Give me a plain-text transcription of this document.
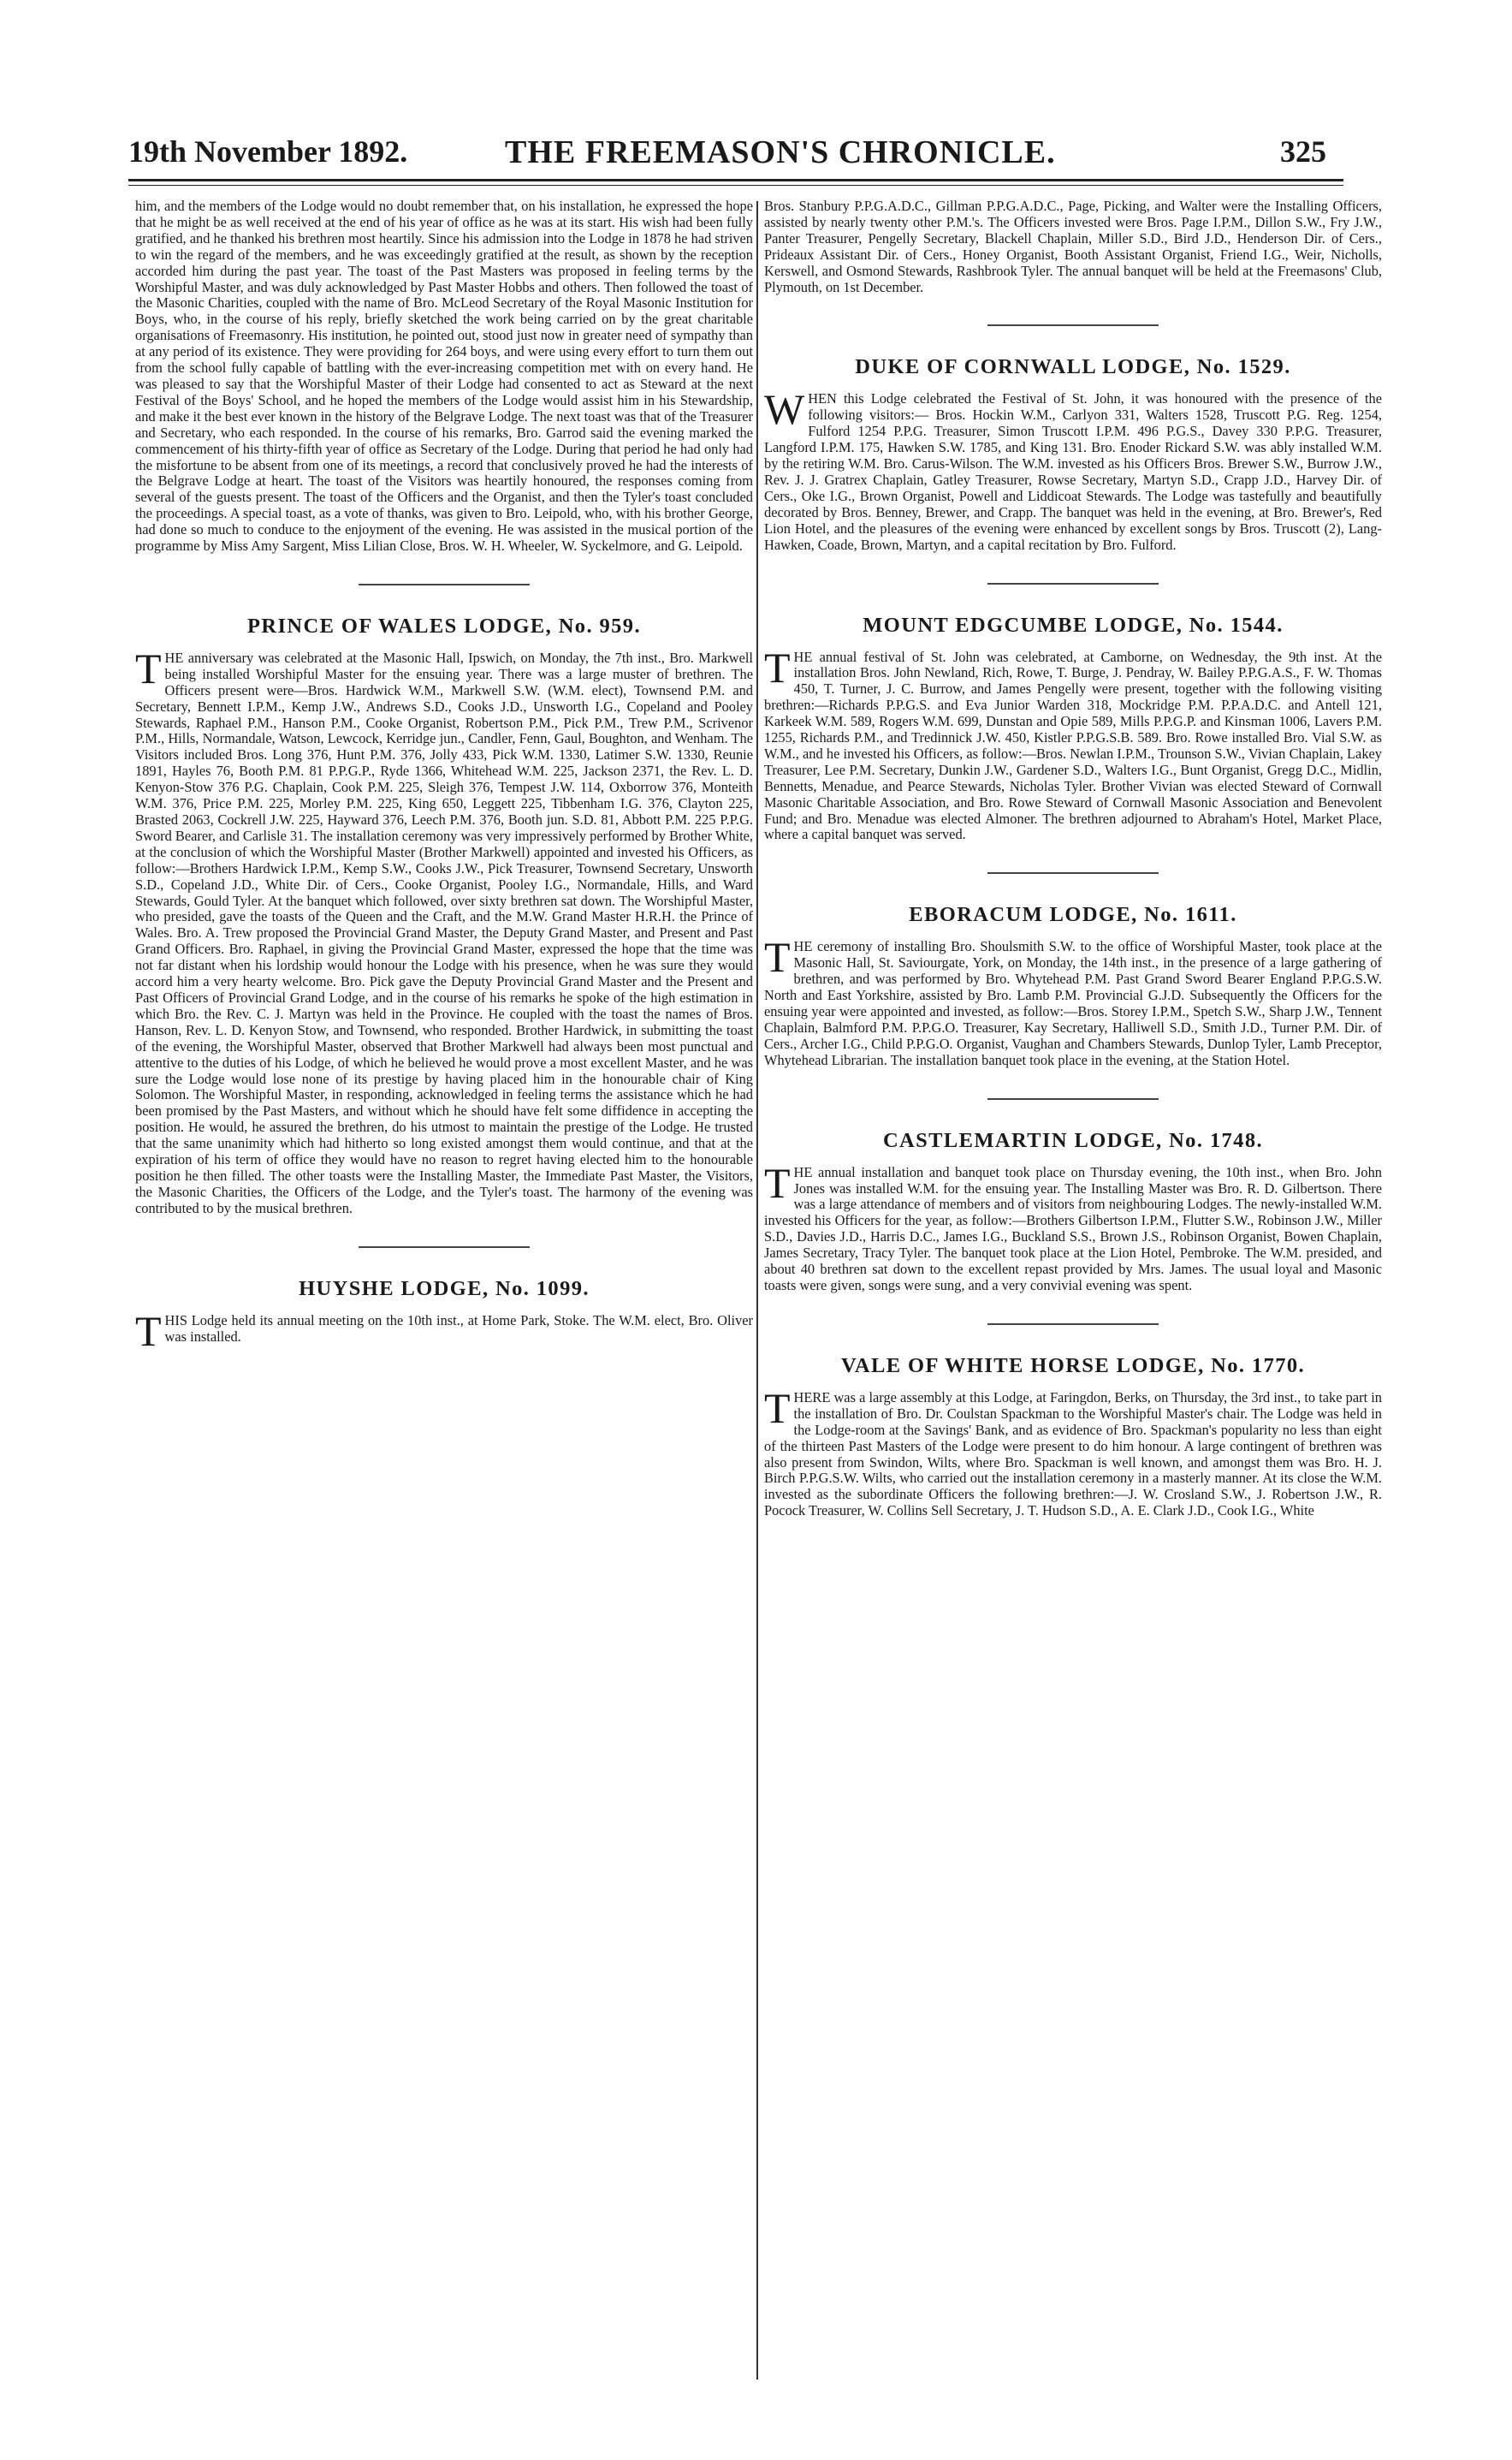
19th November 1892.	THE FREEMASON'S CHRONICLE.	325

him, and the members of the Lodge would no doubt remember that, on his installation, he expressed the hope that he might be as well received at the end of his year of office as he was at its start. His wish had been fully gratified, and he thanked his brethren most heartily. Since his admission into the Lodge in 1878 he had striven to win the regard of the members, and he was exceedingly gratified at the result, as shown by the reception accorded him during the past year. The toast of the Past Masters was proposed in feeling terms by the Worshipful Master, and was duly acknowledged by Past Master Hobbs and others. Then followed the toast of the Masonic Charities, coupled with the name of Bro. McLeod Secretary of the Royal Masonic Institution for Boys, who, in the course of his reply, briefly sketched the work being carried on by the great charitable organisations of Freemasonry. His institution, he pointed out, stood just now in greater need of sympathy than at any period of its existence. They were providing for 264 boys, and were using every effort to turn them out from the school fully capable of battling with the ever-increasing competition met with on every hand. He was pleased to say that the Worshipful Master of their Lodge had consented to act as Steward at the next Festival of the Boys' School, and he hoped the members of the Lodge would assist him in his Stewardship, and make it the best ever known in the history of the Belgrave Lodge. The next toast was that of the Treasurer and Secretary, who each responded. In the course of his remarks, Bro. Garrod said the evening marked the commencement of his thirty-fifth year of office as Secretary of the Lodge. During that period he had only had the misfortune to be absent from one of its meetings, a record that conclusively proved he had the interests of the Belgrave Lodge at heart. The toast of the Visitors was heartily honoured, the responses coming from several of the guests present. The toast of the Officers and the Organist, and then the Tyler's toast concluded the proceedings. A special toast, as a vote of thanks, was given to Bro. Leipold, who, with his brother George, had done so much to conduce to the enjoyment of the evening. He was assisted in the musical portion of the programme by Miss Amy Sargent, Miss Lilian Close, Bros. W. H. Wheeler, W. Syckelmore, and G. Leipold.

PRINCE OF WALES LODGE, No. 959.

THE anniversary was celebrated at the Masonic Hall, Ipswich, on Monday, the 7th inst., Bro. Markwell being installed Worshipful Master for the ensuing year. There was a large muster of brethren. The Officers present were—Bros. Hardwick W.M., Markwell S.W. (W.M. elect), Townsend P.M. and Secretary, Bennett I.P.M., Kemp J.W., Andrews S.D., Cooks J.D., Unsworth I.G., Copeland and Pooley Stewards, Raphael P.M., Hanson P.M., Cooke Organist, Robertson P.M., Pick P.M., Trew P.M., Scrivenor P.M., Hills, Normandale, Watson, Lewcock, Kerridge jun., Candler, Fenn, Gaul, Boughton, and Wenham. The Visitors included Bros. Long 376, Hunt P.M. 376, Jolly 433, Pick W.M. 1330, Latimer S.W. 1330, Reunie 1891, Hayles 76, Booth P.M. 81 P.P.G.P., Ryde 1366, Whitehead W.M. 225, Jackson 2371, the Rev. L. D. Kenyon-Stow 376 P.G. Chaplain, Cook P.M. 225, Sleigh 376, Tempest J.W. 114, Oxborrow 376, Monteith W.M. 376, Price P.M. 225, Morley P.M. 225, King 650, Leggett 225, Tibbenham I.G. 376, Clayton 225, Brasted 2063, Cockrell J.W. 225, Hayward 376, Leech P.M. 376, Booth jun. S.D. 81, Abbott P.M. 225 P.P.G. Sword Bearer, and Carlisle 31. The installation ceremony was very impressively performed by Brother White, at the conclusion of which the Worshipful Master (Brother Markwell) appointed and invested his Officers, as follow:—Brothers Hardwick I.P.M., Kemp S.W., Cooks J.W., Pick Treasurer, Townsend Secretary, Unsworth S.D., Copeland J.D., White Dir. of Cers., Cooke Organist, Pooley I.G., Normandale, Hills, and Ward Stewards, Gould Tyler. At the banquet which followed, over sixty brethren sat down. The Worshipful Master, who presided, gave the toasts of the Queen and the Craft, and the M.W. Grand Master H.R.H. the Prince of Wales. Bro. A. Trew proposed the Provincial Grand Master, the Deputy Grand Master, and Present and Past Grand Officers. Bro. Raphael, in giving the Provincial Grand Master, expressed the hope that the time was not far distant when his lordship would honour the Lodge with his presence, when he was sure they would accord him a very hearty welcome. Bro. Pick gave the Deputy Provincial Grand Master and the Present and Past Officers of Provincial Grand Lodge, and in the course of his remarks he spoke of the high estimation in which Bro. the Rev. C. J. Martyn was held in the Province. He coupled with the toast the names of Bros. Hanson, Rev. L. D. Kenyon Stow, and Townsend, who responded. Brother Hardwick, in submitting the toast of the evening, the Worshipful Master, observed that Brother Markwell had always been most punctual and attentive to the duties of his Lodge, of which he believed he would prove a most excellent Master, and he was sure the Lodge would lose none of its prestige by having placed him in the honourable chair of King Solomon. The Worshipful Master, in responding, acknowledged in feeling terms the assistance which he had been promised by the Past Masters, and without which he should have felt some diffidence in accepting the position. He would, he assured the brethren, do his utmost to maintain the prestige of the Lodge. He trusted that the same unanimity which had hitherto so long existed amongst them would continue, and that at the expiration of his term of office they would have no reason to regret having elected him to the honourable position he then filled. The other toasts were the Installing Master, the Immediate Past Master, the Visitors, the Masonic Charities, the Officers of the Lodge, and the Tyler's toast. The harmony of the evening was contributed to by the musical brethren.

HUYSHE LODGE, No. 1099.

THIS Lodge held its annual meeting on the 10th inst., at Home Park, Stoke. The W.M. elect, Bro. Oliver was installed.

Bros. Stanbury P.P.G.A.D.C., Gillman P.P.G.A.D.C., Page, Picking, and Walter were the Installing Officers, assisted by nearly twenty other P.M.'s. The Officers invested were Bros. Page I.P.M., Dillon S.W., Fry J.W., Panter Treasurer, Pengelly Secretary, Blackell Chaplain, Miller S.D., Bird J.D., Henderson Dir. of Cers., Prideaux Assistant Dir. of Cers., Honey Organist, Booth Assistant Organist, Friend I.G., Weir, Nicholls, Kerswell, and Osmond Stewards, Rashbrook Tyler. The annual banquet will be held at the Freemasons' Club, Plymouth, on 1st December.

DUKE OF CORNWALL LODGE, No. 1529.

WHEN this Lodge celebrated the Festival of St. John, it was honoured with the presence of the following visitors:— Bros. Hockin W.M., Carlyon 331, Walters 1528, Truscott P.G. Reg. 1254, Fulford 1254 P.P.G. Treasurer, Simon Truscott I.P.M. 496 P.G.S., Davey 330 P.P.G. Treasurer, Langford I.P.M. 175, Hawken S.W. 1785, and King 131. Bro. Enoder Rickard S.W. was ably installed W.M. by the retiring W.M. Bro. Carus-Wilson. The W.M. invested as his Officers Bros. Brewer S.W., Burrow J.W., Rev. J. J. Gratrex Chaplain, Gatley Treasurer, Rowse Secretary, Martyn S.D., Crapp J.D., Harvey Dir. of Cers., Oke I.G., Brown Organist, Powell and Liddicoat Stewards. The Lodge was tastefully and beautifully decorated by Bros. Benney, Brewer, and Crapp. The banquet was held in the evening, at Bro. Brewer's, Red Lion Hotel, and the pleasures of the evening were enhanced by excellent songs by Bros. Truscott (2), Lang-Hawken, Coade, Brown, Martyn, and a capital recitation by Bro. Fulford.

MOUNT EDGCUMBE LODGE, No. 1544.

THE annual festival of St. John was celebrated, at Camborne, on Wednesday, the 9th inst. At the installation Bros. John Newland, Rich, Rowe, T. Burge, J. Pendray, W. Bailey P.P.G.A.S., F. W. Thomas 450, T. Turner, J. C. Burrow, and James Pengelly were present, together with the following visiting brethren:—Richards P.P.G.S. and Eva Junior Warden 318, Mockridge P.M. P.P.A.D.C. and Antell 121, Karkeek W.M. 589, Rogers W.M. 699, Dunstan and Opie 589, Mills P.P.G.P. and Kinsman 1006, Lavers P.M. 1255, Richards P.M., and Tredinnick J.W. 450, Kistler P.P.G.S.B. 589. Bro. Rowe installed Bro. Vial S.W. as W.M., and he invested his Officers, as follow:—Bros. Newlan I.P.M., Trounson S.W., Vivian Chaplain, Lakey Treasurer, Lee P.M. Secretary, Dunkin J.W., Gardener S.D., Walters I.G., Bunt Organist, Gregg D.C., Midlin, Bennetts, Menadue, and Pearce Stewards, Nicholas Tyler. Brother Vivian was elected Steward of Cornwall Masonic Charitable Association, and Bro. Rowe Steward of Cornwall Masonic Association and Benevolent Fund; and Bro. Menadue was elected Almoner. The brethren adjourned to Abraham's Hotel, Market Place, where a capital banquet was served.

EBORACUM LODGE, No. 1611.

THE ceremony of installing Bro. Shoulsmith S.W. to the office of Worshipful Master, took place at the Masonic Hall, St. Saviourgate, York, on Monday, the 14th inst., in the presence of a large gathering of brethren, and was performed by Bro. Whytehead P.M. Past Grand Sword Bearer England P.P.G.S.W. North and East Yorkshire, assisted by Bro. Lamb P.M. Provincial G.J.D. Subsequently the Officers for the ensuing year were appointed and invested, as follow:—Bros. Storey I.P.M., Spetch S.W., Sharp J.W., Tennent Chaplain, Balmford P.M. P.P.G.O. Treasurer, Kay Secretary, Halliwell S.D., Smith J.D., Turner P.M. Dir. of Cers., Archer I.G., Child P.P.G.O. Organist, Vaughan and Chambers Stewards, Dunlop Tyler, Lamb Preceptor, Whytehead Librarian. The installation banquet took place in the evening, at the Station Hotel.

CASTLEMARTIN LODGE, No. 1748.

THE annual installation and banquet took place on Thursday evening, the 10th inst., when Bro. John Jones was installed W.M. for the ensuing year. The Installing Master was Bro. R. D. Gilbertson. There was a large attendance of members and of visitors from neighbouring Lodges. The newly-installed W.M. invested his Officers for the year, as follow:—Brothers Gilbertson I.P.M., Flutter S.W., Robinson J.W., Miller S.D., Davies J.D., Harris D.C., James I.G., Buckland S.S., Brown J.S., Robinson Organist, Bowen Chaplain, James Secretary, Tracy Tyler. The banquet took place at the Lion Hotel, Pembroke. The W.M. presided, and about 40 brethren sat down to the excellent repast provided by Mrs. James. The usual loyal and Masonic toasts were given, songs were sung, and a very convivial evening was spent.

VALE OF WHITE HORSE LODGE, No. 1770.

THERE was a large assembly at this Lodge, at Faringdon, Berks, on Thursday, the 3rd inst., to take part in the installation of Bro. Dr. Coulstan Spackman to the Worshipful Master's chair. The Lodge was held in the Lodge-room at the Savings' Bank, and as evidence of Bro. Spackman's popularity no less than eight of the thirteen Past Masters of the Lodge were present to do him honour. A large contingent of brethren was also present from Swindon, Wilts, where Bro. Spackman is well known, and amongst them was Bro. H. J. Birch P.P.G.S.W. Wilts, who carried out the installation ceremony in a masterly manner. At its close the W.M. invested as the subordinate Officers the following brethren:—J. W. Crosland S.W., J. Robertson J.W., R. Pocock Treasurer, W. Collins Sell Secretary, J. T. Hudson S.D., A. E. Clark J.D., Cook I.G., White
